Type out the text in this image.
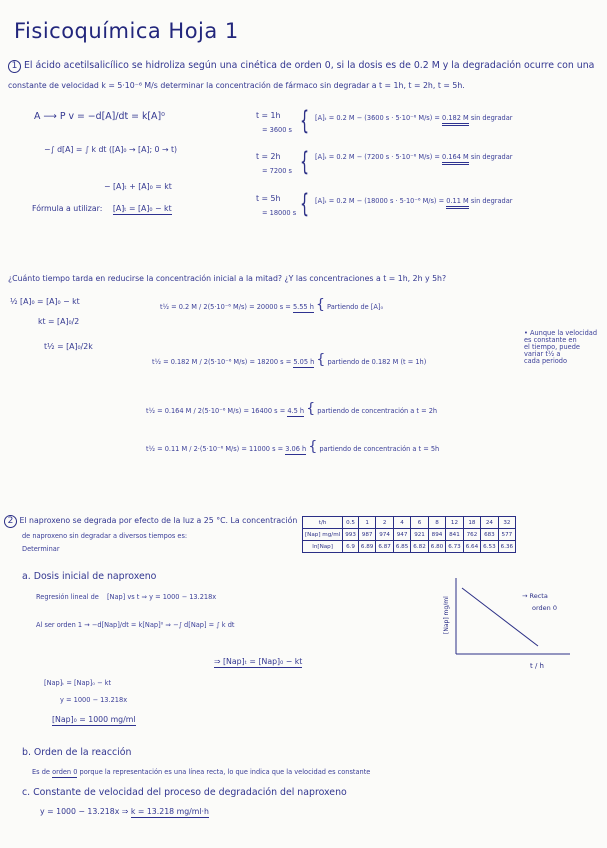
Fisicoquímica Hoja 1
1 El ácido acetilsalicílico se hidroliza según una cinética de orden 0, si la dosis es de 0.2 M y la degradación ocurre con una
constante de velocidad k = 5·10⁻⁶ M/s determinar la concentración de fármaco sin degradar a t = 1h, t = 2h, t = 5h.
A ⟶ P v = −d[A]/dt = k[A]⁰
−∫ d[A] = ∫ k dt ([A]₀ → [A]; 0 → t)
− [A]ₜ + [A]₀ = kt
Fórmula a utilizar: [A]ₜ = [A]₀ − kt
t = 1h
= 3600 s { [A]ₜ = 0.2 M − (3600 s · 5·10⁻⁶ M/s) = 0.182 M sin degradar
t = 2h
= 7200 s { [A]ₜ = 0.2 M − (7200 s · 5·10⁻⁶ M/s) = 0.164 M sin degradar
t = 5h
= 18000 s { [A]ₜ = 0.2 M − (18000 s · 5·10⁻⁶ M/s) = 0.11 M sin degradar
¿Cuánto tiempo tarda en reducirse la concentración inicial a la mitad? ¿Y las concentraciones a t = 1h, 2h y 5h?
½ [A]₀ = [A]₀ − kt
kt = [A]₀/2
t½ = [A]₀/2k
t½ = 0.2 M / 2(5·10⁻⁶ M/s) = 20000 s = 5.55 h { Partiendo de [A]₀
t½ = 0.182 M / 2(5·10⁻⁶ M/s) = 18200 s = 5.05 h { partiendo de 0.182 M (t = 1h)
t½ = 0.164 M / 2(5·10⁻⁶ M/s) = 16400 s = 4.5 h { partiendo de concentración a t = 2h
t½ = 0.11 M / 2·(5·10⁻⁶ M/s) = 11000 s = 3.06 h { partiendo de concentración a t = 5h
• Aunque la velocidad
es constante en
el tiempo, puede
variar t½ a
cada periodo
2 El naproxeno se degrada por efecto de la luz a 25 °C. La concentración
de naproxeno sin degradar a diversos tiempos es:
Determinar
t/h	0.5	1	2	4	6	8	12	18	24	32
[Nap] mg/ml	993	987	974	947	921	894	841	762	683	577
ln[Nap]	6.9	6.89	6.87	6.85	6.82	6.80	6.73	6.64	6.53	6.36
[Nap] mg/ml
t / h
→ Recta
orden 0
a. Dosis inicial de naproxeno
Regresión lineal de [Nap] vs t ⇒ y = 1000 − 13.218x
Al ser orden 1 → −d[Nap]/dt = k[Nap]⁰ ⇒ −∫ d[Nap] = ∫ k dt
⇒ [Nap]ₜ = [Nap]₀ − kt
[Nap]ₜ = [Nap]₀ − kt
y = 1000 − 13.218x
[Nap]₀ = 1000 mg/ml
b. Orden de la reacción
Es de orden 0 porque la representación es una línea recta, lo que indica que la velocidad es constante
c. Constante de velocidad del proceso de degradación del naproxeno
y = 1000 − 13.218x ⇒ k = 13.218 mg/ml·h
